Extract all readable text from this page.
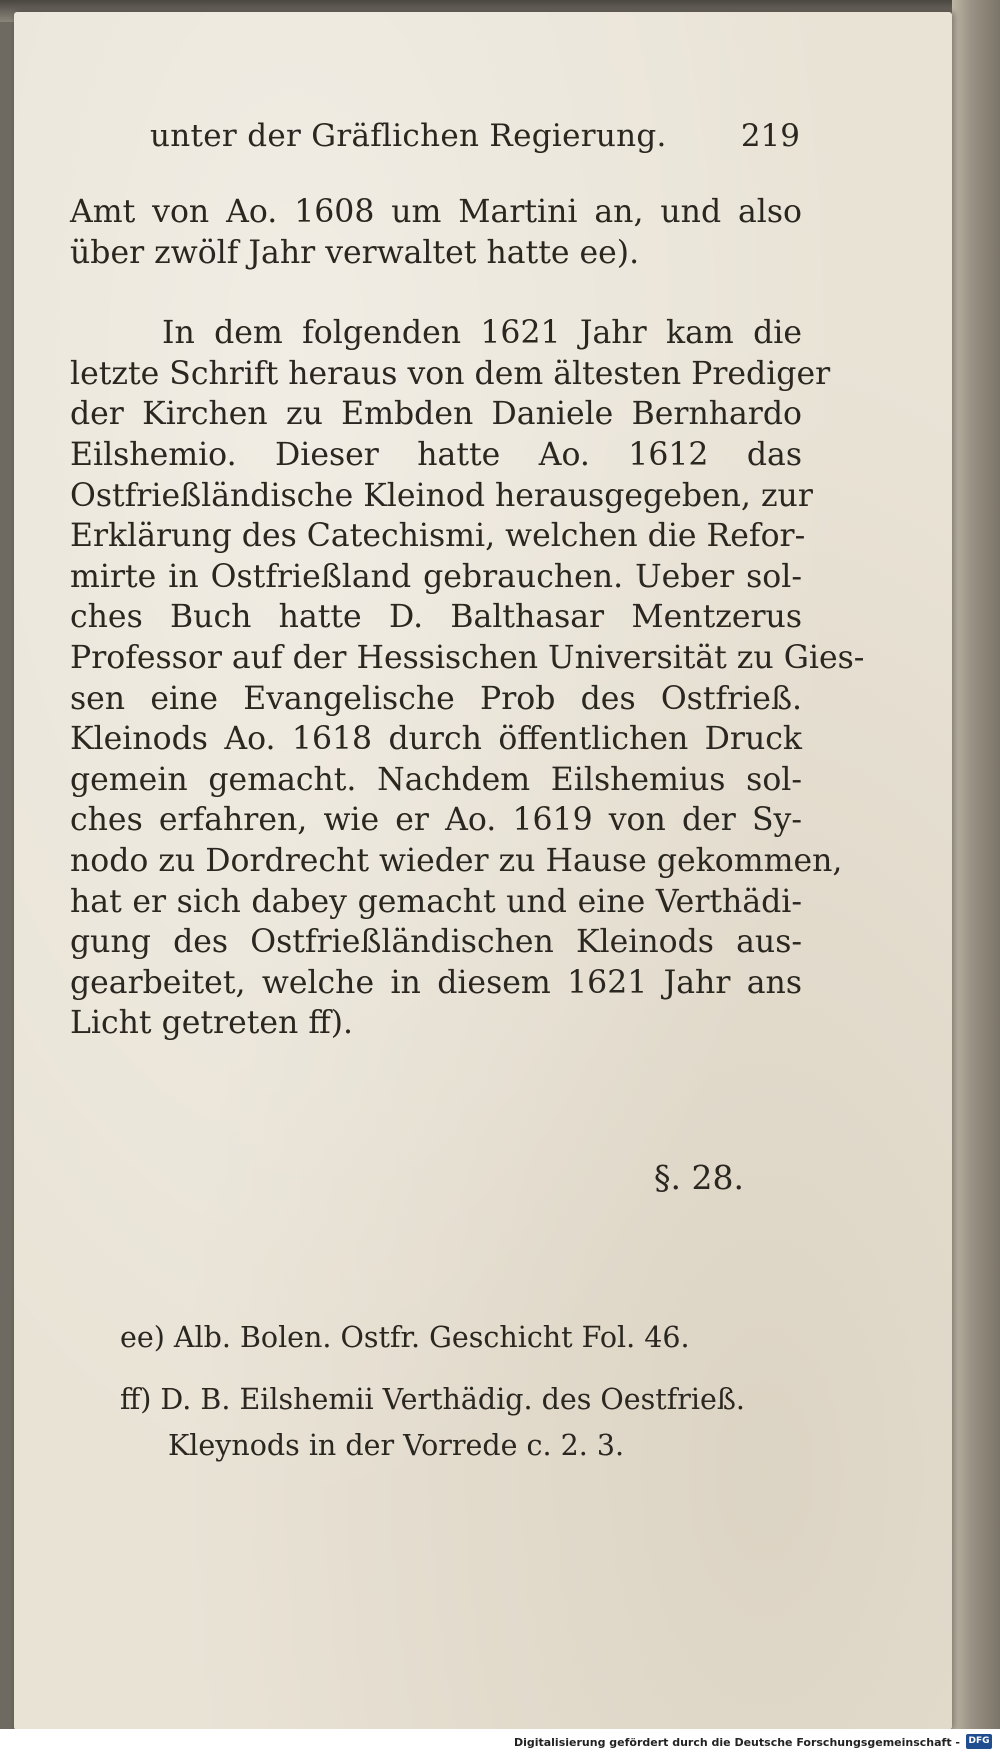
unter der Gräflichen Regierung. 219
Amt von Ao. 1608 um Martini an, und also
über zwölf Jahr verwaltet hatte ee).
In dem folgenden 1621 Jahr kam die
letzte Schrift heraus von dem ältesten Prediger
der Kirchen zu Embden Daniele Bernhardo
Eilshemio. Dieser hatte Ao. 1612 das
Ostfrießländische Kleinod herausgegeben, zur
Erklärung des Catechismi, welchen die Refor-
mirte in Ostfrießland gebrauchen. Ueber sol-
ches Buch hatte D. Balthasar Mentzerus
Professor auf der Hessischen Universität zu Gies-
sen eine Evangelische Prob des Ostfrieß.
Kleinods Ao. 1618 durch öffentlichen Druck
gemein gemacht. Nachdem Eilshemius sol-
ches erfahren, wie er Ao. 1619 von der Sy-
nodo zu Dordrecht wieder zu Hause gekommen,
hat er sich dabey gemacht und eine Verthädi-
gung des Ostfrießländischen Kleinods aus-
gearbeitet, welche in diesem 1621 Jahr ans
Licht getreten ff).
§. 28.
ee) Alb. Bolen. Ostfr. Geschicht Fol. 46.
ff) D. B. Eilshemii Verthädig. des Oestfrieß.
Kleynods in der Vorrede c. 2. 3.
Digitalisierung gefördert durch die Deutsche Forschungsgemeinschaft - DFG
